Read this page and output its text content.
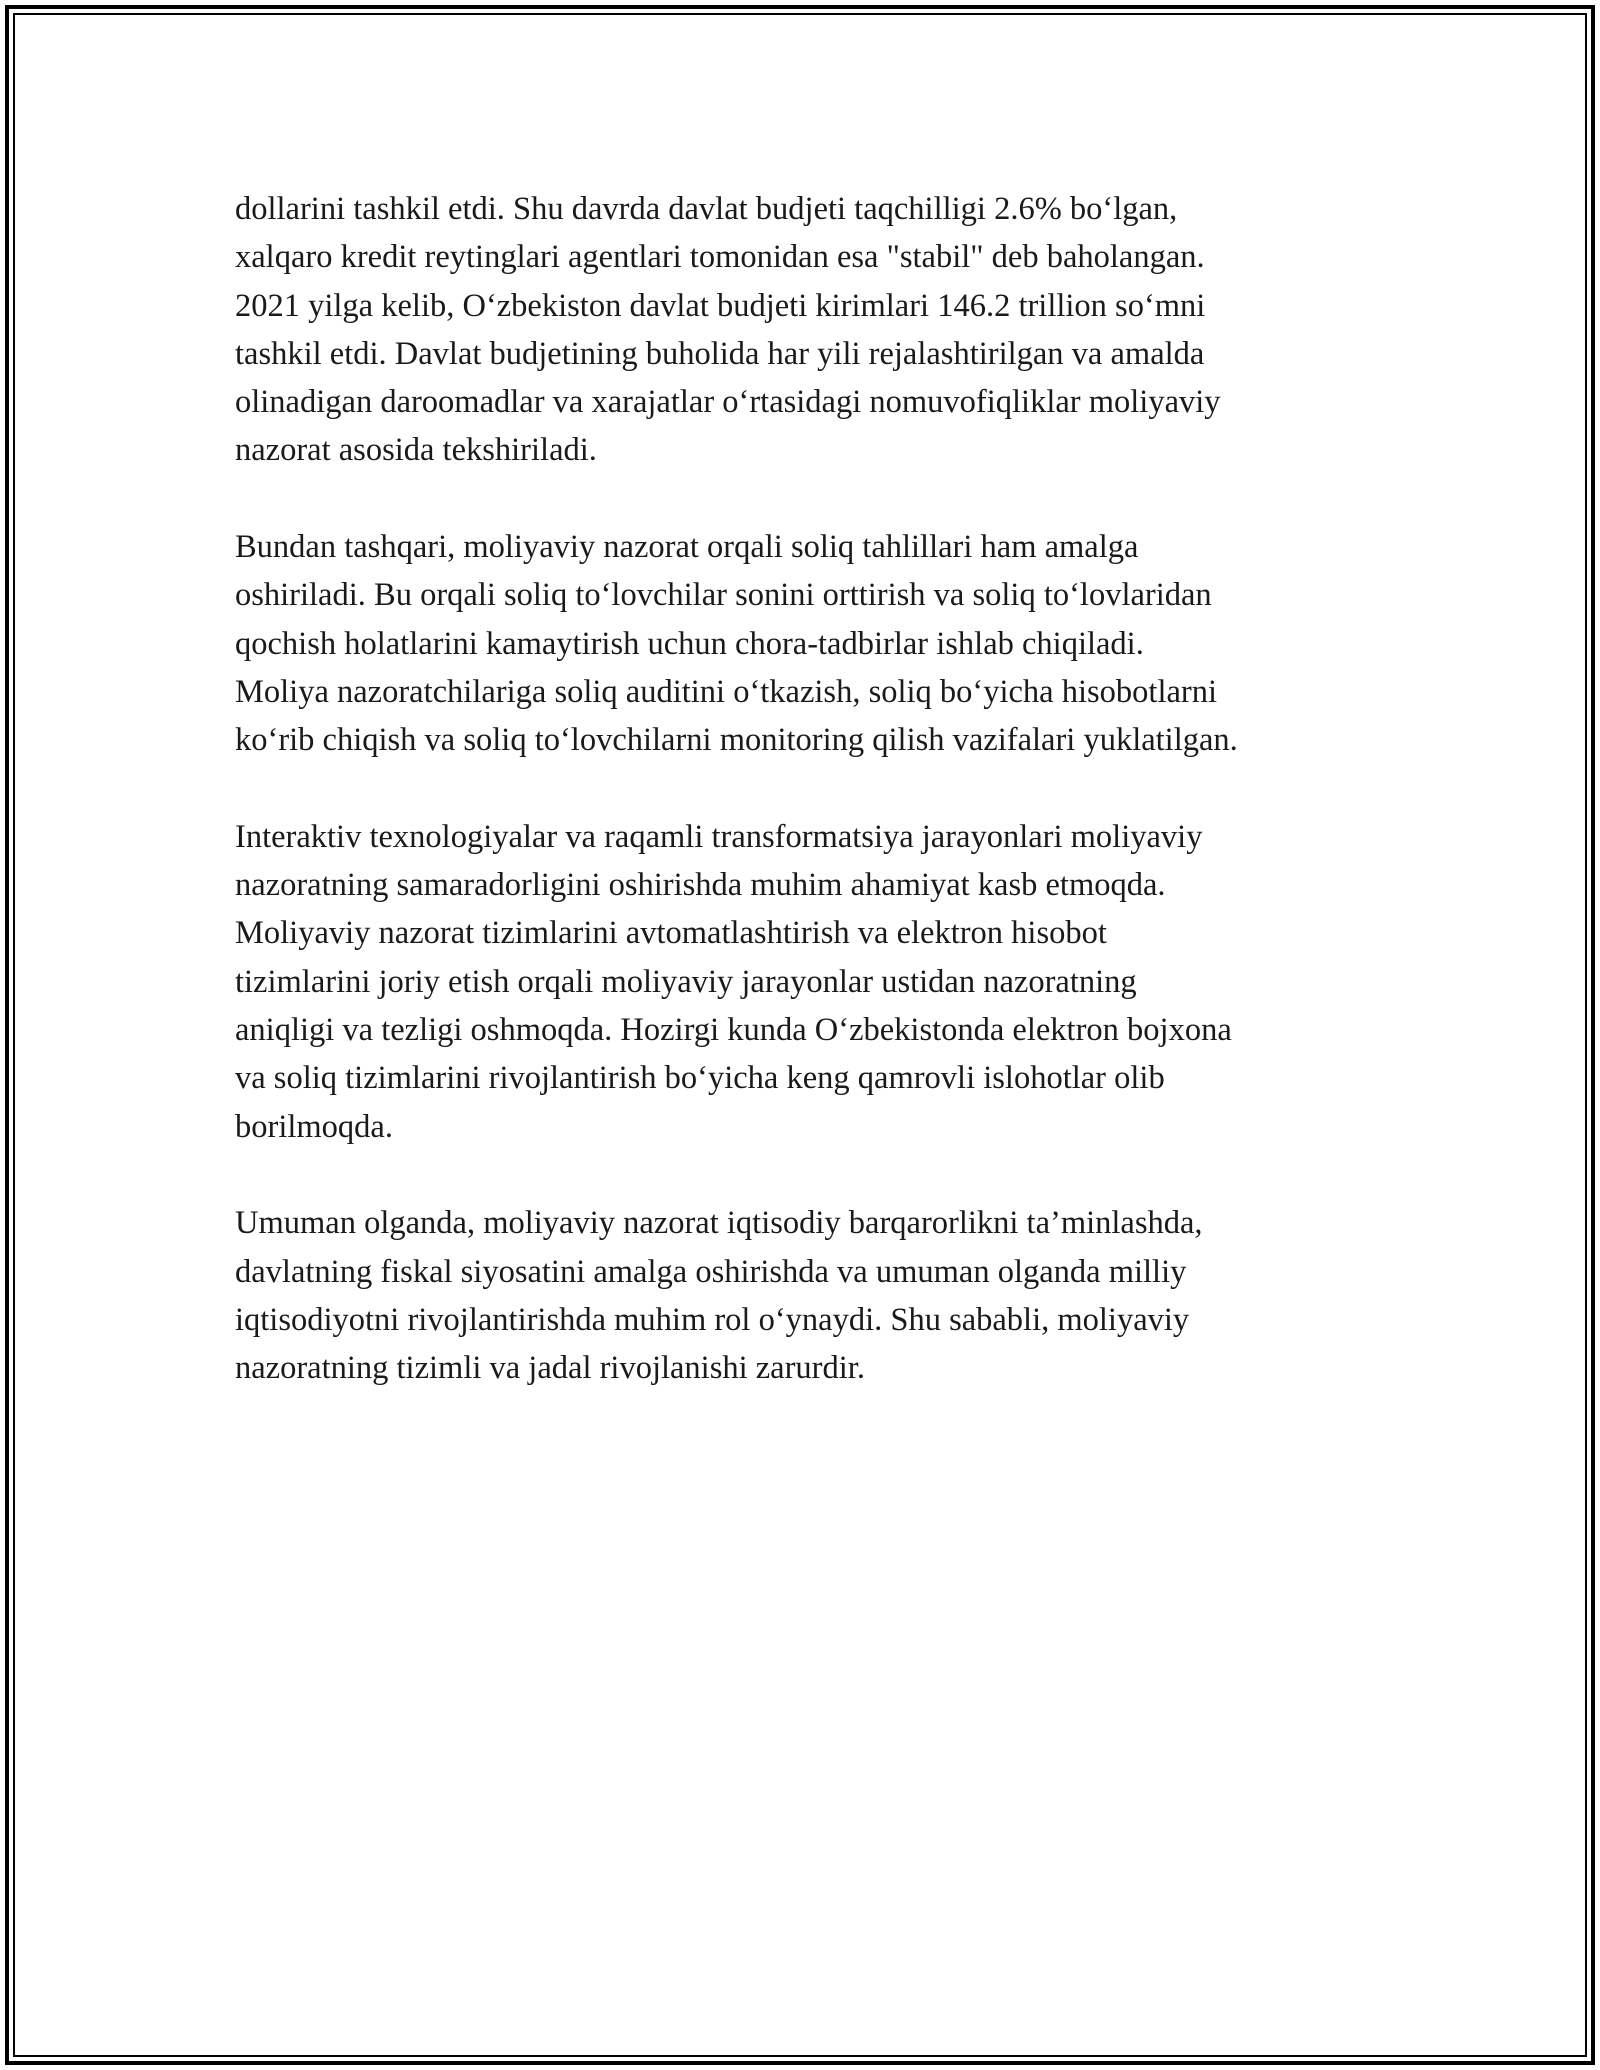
dollarini tashkil etdi. Shu davrda davlat budjeti taqchilligi 2.6% boʻlgan,
xalqaro kredit reytinglari agentlari tomonidan esa "stabil" deb baholangan.
2021 yilga kelib, Oʻzbekiston davlat budjeti kirimlari 146.2 trillion soʻmni
tashkil etdi. Davlat budjetining buholida har yili rejalashtirilgan va amalda
olinadigan daroomadlar va xarajatlar oʻrtasidagi nomuvofiqliklar moliyaviy
nazorat asosida tekshiriladi.

Bundan tashqari, moliyaviy nazorat orqali soliq tahlillari ham amalga
oshiriladi. Bu orqali soliq toʻlovchilar sonini orttirish va soliq toʻlovlaridan
qochish holatlarini kamaytirish uchun chora-tadbirlar ishlab chiqiladi.
Moliya nazoratchilariga soliq auditini oʻtkazish, soliq boʻyicha hisobotlarni
koʻrib chiqish va soliq toʻlovchilarni monitoring qilish vazifalari yuklatilgan.

Interaktiv texnologiyalar va raqamli transformatsiya jarayonlari moliyaviy
nazoratning samaradorligini oshirishda muhim ahamiyat kasb etmoqda.
Moliyaviy nazorat tizimlarini avtomatlashtirish va elektron hisobot
tizimlarini joriy etish orqali moliyaviy jarayonlar ustidan nazoratning
aniqligi va tezligi oshmoqda. Hozirgi kunda Oʻzbekistonda elektron bojxona
va soliq tizimlarini rivojlantirish boʻyicha keng qamrovli islohotlar olib
borilmoqda.

Umuman olganda, moliyaviy nazorat iqtisodiy barqarorlikni ta’minlashda,
davlatning fiskal siyosatini amalga oshirishda va umuman olganda milliy
iqtisodiyotni rivojlantirishda muhim rol oʻynaydi. Shu sababli, moliyaviy
nazoratning tizimli va jadal rivojlanishi zarurdir.
